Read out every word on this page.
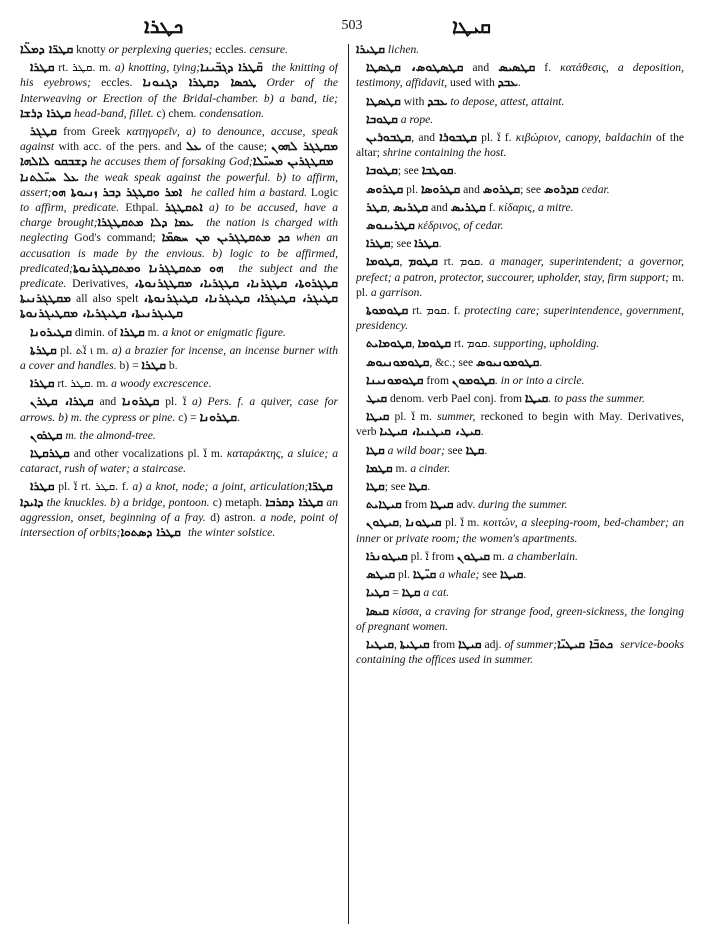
ܟܛܪܐ	503	ܩܝܛܐ

ܩܛܪ̈ܐ ܕܡܠ̈ܐ knotty or perplexing queries; eccles. censure.

ܩܛܪܐ rt. ܩܛܪ. m. a) knotting, tying; ܩ̈ܛܪܐ ܕܓܒ̈ܝܢܐ the knitting of his eyebrows; eccles. ܛܟܣܐ ܕܩܛܪܐ ܕܓܢܘܢܐ Order of the Interweaving or Erection of the Bridal-chamber. b) a band, tie; ܩܛܪܐ ܕܪܫܐ head-band, fillet. c) chem. condensation.

ܩܛܓܪ from Greek κατηγορεῖν, a) to denounce, accuse, speak against with acc. of the pers. and ܥܠ of the cause; ܡܩܛܓܪ ܠܗܘܢ ܕܫܒܩܘ ܠܐܠܗܐ he accuses them of forsaking God; ܡܩܛܓܪܝܢ ܡܚܝ̈ܠܐ ܥܠ ܚܝ̈ܠܬܢܐ the weak speak against the powerful. b) to affirm, assert; ܐܡܪ ܘܩܛܓܪ ܕܒܪ ܙܢܝܘܬܐ ܗܘ he called him a bastard. Logic to affirm, predicate. Ethpal. ܐܬܩܛܓܪ a) to be accused, have a charge brought; ܡܬܩܛܓܪܐ ܥܡܐ ܕܠܐ the nation is charged with neglecting God's command; ܟܕ ܡܬܩܛܓܪܝܢ ܡܢ ܚܣܡ̈ܐ when an accusation is made by the envious. b) logic to be affirmed, predicated; ܗܘ ܡܬܩܛܓܪܢܐ ܘܡܬܩܛܓܪܢܘܬܐ the subject and the predicate. Derivatives, ܩܛܓܪܘܬܐ، ܩܛܓܪܢܐ، ܩܛܓܪܝܐ، ܡܩܛܓܪܢܘܬܐ، ܡܩܛܓܪܢܝܬܐ all also spelt ܩܛܝܓܪ، ܩܛܝܓܪܐ، ܩܛܝܓܪܢܐ، ܩܛܝܓܪܢܘܬܐ، ܩܛܝܓܪܢܝܬܐ، ܩܛܝܓܪܝܐ، ܡܩܛܝܓܪܢܘܬܐ

ܩܛܝܪܘܢܐ dimin. of ܩܛܪܐ m. a knot or enigmatic figure.

ܩܛܪܬܐ pl. ܐ̈ܬ ι m. a) a brazier for incense, an incense burner with a cover and handles. b) = ܩܛܪܐ b.

ܩܛܪܐ rt. ܩܛܪ. m. a woody excrescence.

ܩܛܪܐ، ܩܛܪܢ and ܩܛܪܘܢܐ pl. ܐ̈ a) Pers. f. a quiver, case for arrows. b) m. the cypress or pine. c) = ܩܛܪܘܢܐ.

ܩܛܪܘܢ m. the almond-tree.

ܩܛܪܩܛܐ and other vocalizations pl. ܐ̈ m. καταράκτης, a sluice; a cataract, rush of water; a staircase.

ܩܛܪܐ pl. ܐ̈ rt. ܩܛܪ. f. a) a knot, node; a joint, articulation; ܩܛܪ̈ܐ ܕܐܝܕܐ the knuckles. b) a bridge, pontoon. c) metaph. ܩܛܪܐ ܕܩܪܒܐ an aggression, onset, beginning of a fray. d) astron. a node, point of intersection of orbits; ܩܛܪܐ ܕܣܬܘܐ the winter solstice.

ܩܛܝܪܐ lichen.

ܩܛܣܛܘܣ، ܩܛܣܛܐ and ܩܛܣܝܣ f. κατάθεσις, a deposition, testimony, affidavit, used with ܥܒܕ.

ܩܛܣܛܐ with ܥܒܕ to depose, attest, attaint.

ܩܛܘܒܐ a rope.

ܩܛܒܘܪܝܢ, and ܩܛܒܘܪܐ pl. ܐ̈ f. κιβώριον, canopy, baldachin of the altar; shrine containing the host.

ܩܛܘܒܐ; see ܩܘܛܒܐ.

ܩܛܪܘܣ pl. ܩܛܪܘܣܐ and ܩܛܪܘܣ; see ܩܕܪܘܣ cedar.

ܩܛܪ, ܩܛܪܝܣ and ܩܛܪܝܣ f. κίδαρις, a mitre.

ܩܛܪܝܢܘܣ κέδρινος, of cedar.

ܩܛܪܐ; see ܩܛܪܐ.

ܩܛܘܡܐ, ܩܛܘܡ rt. ܩܘܡ. a manager, superintendent; a governor, prefect; a patron, protector, succourer, upholder, stay, firm support; m. pl. a garrison.

ܩܛܘܡܘܬܐ rt. ܩܘܡ. f. protecting care; superintendence, government, presidency.

ܩܛܘܡܐܝܬ, ܩܛܘܡܐ rt. ܩܘܡ. supporting, upholding.

ܩܛܘܡܘܢܝܘܣ, &c.; see ܩܛܘܡܘܢܝܘܣ.

ܩܛܘܡܘܢܝܢܐ from ܩܛܘܡܘܢ. in or into a circle.

ܩܝܛ denom. verb Pael conj. from ܩܝܛܐ. to pass the summer.

ܩܝܛܐ pl. ܐ̈ m. summer, reckoned to begin with May. Derivatives, verb ܩܝܛ، ܩܝܛܢܝܐ، ܩܝܛܝܐ.

ܩܛܐ a wild boar; see ܩܛܐ.

ܩܛܡܐ m. a cinder.

ܩܛܐ; see ܩܛܐ.

ܩܝܛܐܝܬ from ܩܝܛܐ adv. during the summer.

ܩܝܛܘܢ, ܩܝܛܘܢܐ pl. ܐ̈ m. κοιτών, a sleeping-room, bed-chamber; an inner or private room; the women's apartments.

ܩܝܛܘܢܪܐ pl. ܐ̈ from ܩܝܛܘܢ m. a chamberlain.

ܩܝܛܣ pl. ܩܝ̈ܛܐ a whale; see ܩܝܛܐ.

ܩܛܝܐ = ܩܛܐ a cat.

ܩܝܣܐ κίσσα, a craving for strange food, green-sickness, the longing of pregnant women.

ܩܝܛܝܐ, ܩܝܛܝܬܐ from ܩܝܛܐ adj. of summer; ܟܬܒ̈ܐ ܩܝܛܝ̈ܐ service-books containing the offices used in summer.
